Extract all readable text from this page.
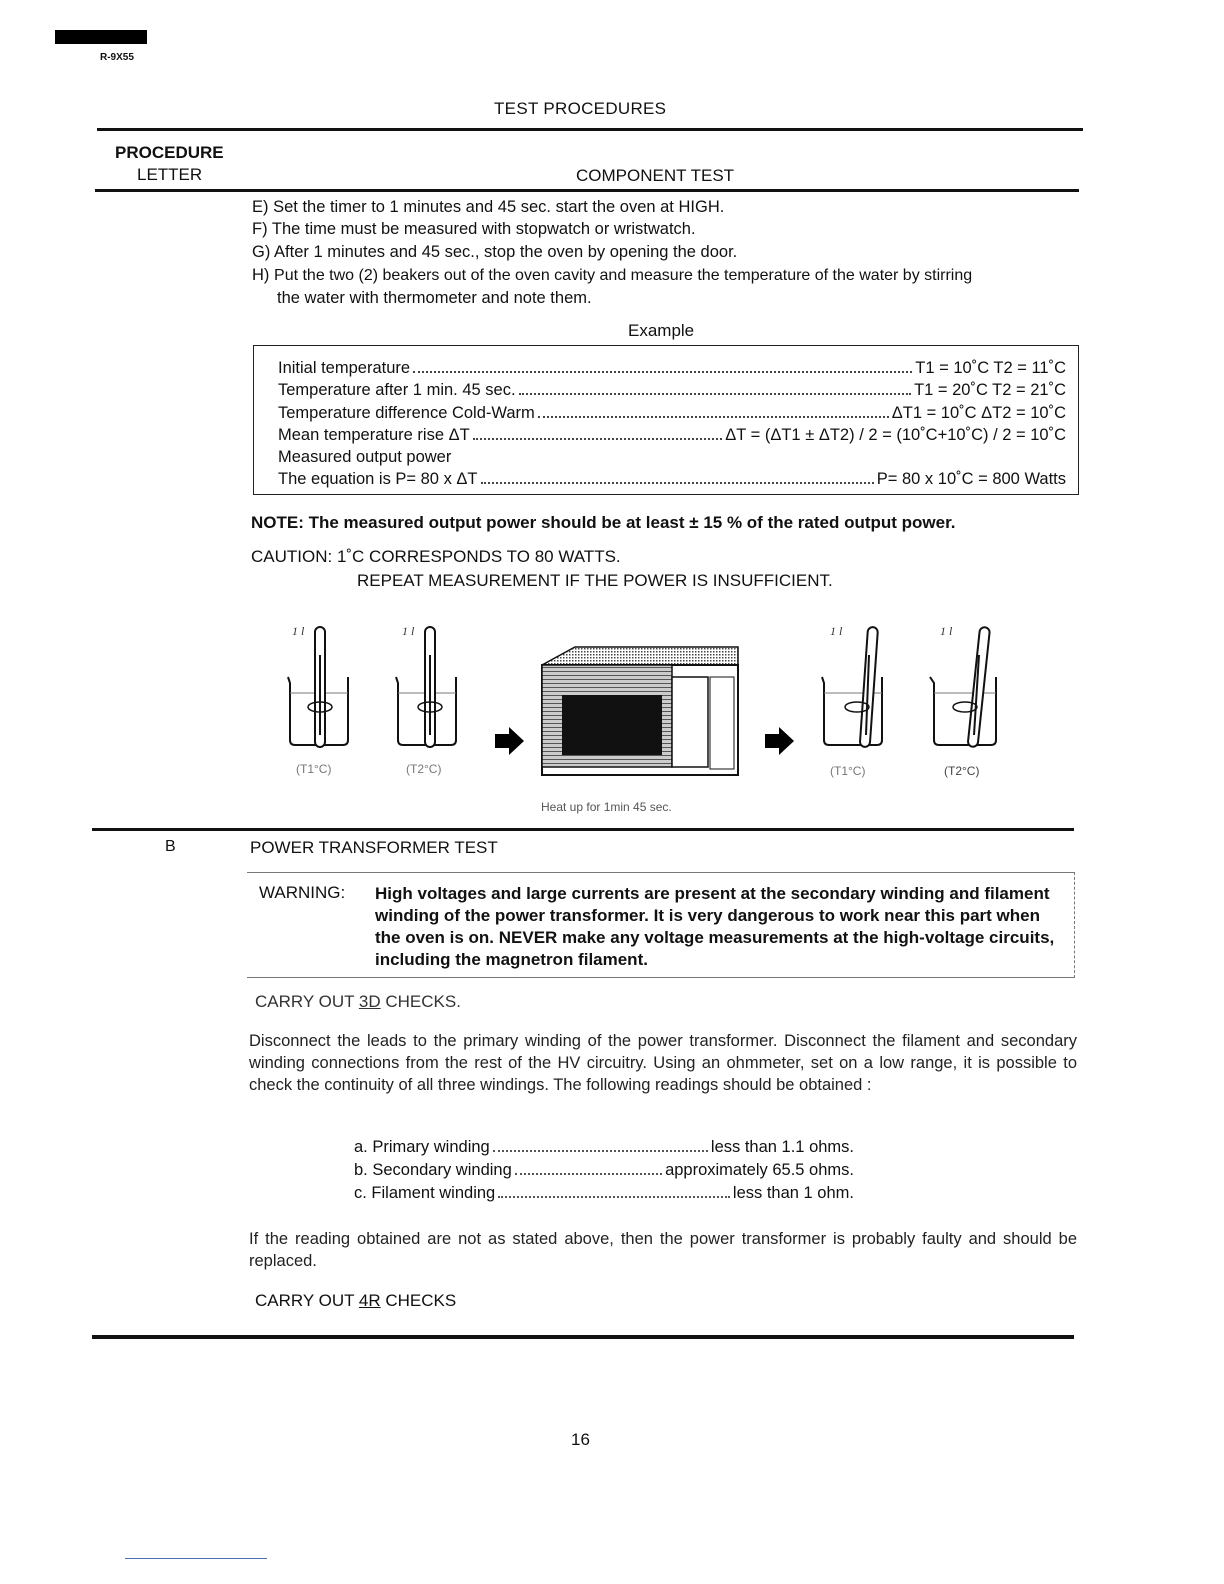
R-9X55
TEST PROCEDURES
PROCEDURE
LETTER	COMPONENT TEST
E) Set the timer to 1 minutes and 45 sec. start the oven at HIGH.
F) The time must be measured with stopwatch or wristwatch.
G) After 1 minutes and 45 sec., stop the oven by opening the door.
H) Put the two (2) beakers out of the oven cavity and measure the temperature of the water by stirring
the water with thermometer and note them.
Example
Initial temperature	T1 = 10˚C T2 = 11˚C
Temperature after 1 min. 45 sec.	T1 = 20˚C T2 = 21˚C
Temperature difference Cold-Warm	ΔT1 = 10˚C ΔT2 = 10˚C
Mean temperature rise ΔT	ΔT = (ΔT1 ± ΔT2) / 2 = (10˚C+10˚C) / 2 = 10˚C
Measured output power
The equation is P= 80 x ΔT	P= 80 x 10˚C = 800 Watts
NOTE: The measured output power should be at least ± 15 % of the rated output power.
CAUTION: 1˚C CORRESPONDS TO 80 WATTS.
REPEAT MEASUREMENT IF THE POWER IS INSUFFICIENT.
1 l
(T1°C)
1 l
(T2°C)
1 l
(T1°C)
1 l
(T2°C)
Heat up for 1min 45 sec.
B	POWER TRANSFORMER TEST
WARNING: High voltages and large currents are present at the secondary winding and filament winding of the power transformer. It is very dangerous to work near this part when the oven is on. NEVER make any voltage measurements at the high-voltage circuits, including the magnetron filament.
CARRY OUT 3D CHECKS.
Disconnect the leads to the primary winding of the power transformer. Disconnect the filament and secondary winding connections from the rest of the HV circuitry. Using an ohmmeter, set on a low range, it is possible to check the continuity of all three windings. The following readings should be obtained :
a. Primary winding	less than 1.1 ohms.
b. Secondary winding	approximately 65.5 ohms.
c. Filament winding	less than 1 ohm.
If the reading obtained are not as stated above, then the power transformer is probably faulty and should be replaced.
CARRY OUT 4R CHECKS
16
